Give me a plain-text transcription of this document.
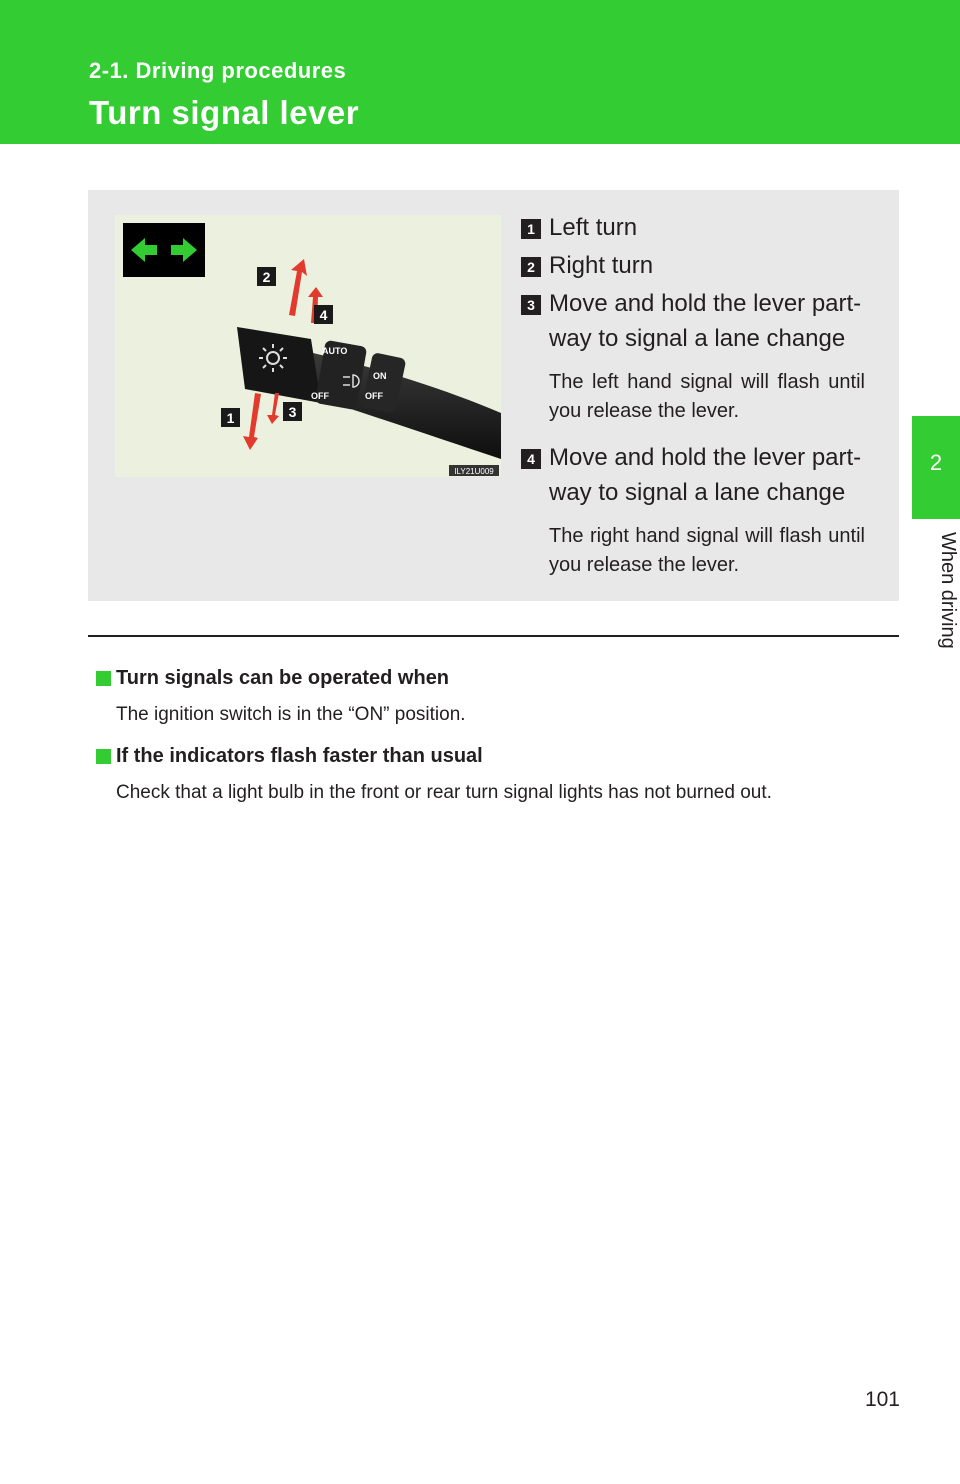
2-1. Driving procedures
Turn signal lever
2
When driving
AUTO
OFF
ON
OFF
1
2
3
4
ILY21U009
1 Left turn
2 Right turn
3 Move and hold the lever part-way to signal a lane change
The left hand signal will flash until you release the lever.
4 Move and hold the lever part-way to signal a lane change
The right hand signal will flash until you release the lever.
Turn signals can be operated when
The ignition switch is in the “ON” position.
If the indicators flash faster than usual
Check that a light bulb in the front or rear turn signal lights has not burned out.
101
